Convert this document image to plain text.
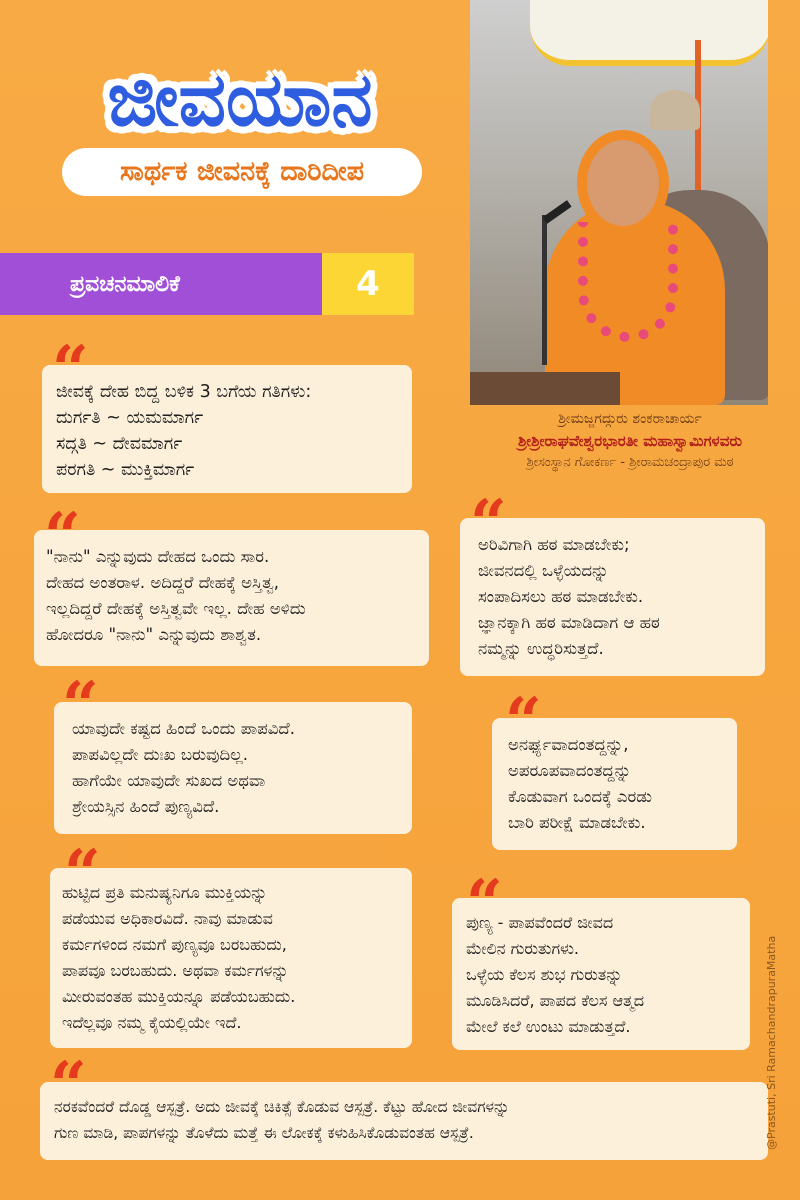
ಜೀವಯಾನ
ಸಾರ್ಥಕ ಜೀವನಕ್ಕೆ ದಾರಿದೀಪ
ಪ್ರವಚನಮಾಲಿಕೆ	4
ಶ್ರೀಮಜ್ಜಗದ್ಗುರು ಶಂಕರಾಚಾರ್ಯ
ಶ್ರೀಶ್ರೀರಾಘವೇಶ್ವರಭಾರತೀ ಮಹಾಸ್ವಾಮಿಗಳವರು
ಶ್ರೀಸಂಸ್ಥಾನ ಗೋಕರ್ಣ - ಶ್ರೀರಾಮಚಂದ್ರಾಪುರ ಮಠ
ಜೀವಕ್ಕೆ ದೇಹ ಬಿದ್ದ ಬಳಿಕ 3 ಬಗೆಯ ಗತಿಗಳು:
ದುರ್ಗತಿ ~ ಯಮಮಾರ್ಗ
ಸದ್ಗತಿ ~ ದೇವಮಾರ್ಗ
ಪರಗತಿ ~ ಮುಕ್ತಿಮಾರ್ಗ
"ನಾನು" ಎನ್ನುವುದು ದೇಹದ ಒಂದು ಸಾರ.
ದೇಹದ ಅಂತರಾಳ. ಅದಿದ್ದರೆ ದೇಹಕ್ಕೆ ಅಸ್ತಿತ್ವ,
ಇಲ್ಲದಿದ್ದರೆ ದೇಹಕ್ಕೆ ಅಸ್ತಿತ್ವವೇ ಇಲ್ಲ. ದೇಹ ಅಳಿದು
ಹೋದರೂ "ನಾನು" ಎನ್ನುವುದು ಶಾಶ್ವತ.
ಅರಿವಿಗಾಗಿ ಹಠ ಮಾಡಬೇಕು;
ಜೀವನದಲ್ಲಿ ಒಳ್ಳೆಯದನ್ನು
ಸಂಪಾದಿಸಲು ಹಠ ಮಾಡಬೇಕು.
ಜ್ಞಾನಕ್ಕಾಗಿ ಹಠ ಮಾಡಿದಾಗ ಆ ಹಠ
ನಮ್ಮನ್ನು ಉದ್ಧರಿಸುತ್ತದೆ.
ಯಾವುದೇ ಕಷ್ಟದ ಹಿಂದೆ ಒಂದು ಪಾಪವಿದೆ.
ಪಾಪವಿಲ್ಲದೇ ದುಃಖ ಬರುವುದಿಲ್ಲ.
ಹಾಗೆಯೇ ಯಾವುದೇ ಸುಖದ ಅಥವಾ
ಶ್ರೇಯಸ್ಸಿನ ಹಿಂದೆ ಪುಣ್ಯವಿದೆ.
ಅನರ್ಘ್ಯವಾದಂತದ್ದನ್ನು,
ಅಪರೂಪವಾದಂತದ್ದನ್ನು
ಕೊಡುವಾಗ ಒಂದಕ್ಕೆ ಎರಡು
ಬಾರಿ ಪರೀಕ್ಷೆ ಮಾಡಬೇಕು.
ಹುಟ್ಟಿದ ಪ್ರತಿ ಮನುಷ್ಯನಿಗೂ ಮುಕ್ತಿಯನ್ನು
ಪಡೆಯುವ ಅಧಿಕಾರವಿದೆ. ನಾವು ಮಾಡುವ
ಕರ್ಮಗಳಿಂದ ನಮಗೆ ಪುಣ್ಯವೂ ಬರಬಹುದು,
ಪಾಪವೂ ಬರಬಹುದು. ಅಥವಾ ಕರ್ಮಗಳನ್ನು
ಮೀರುವಂತಹ ಮುಕ್ತಿಯನ್ನೂ ಪಡೆಯಬಹುದು.
ಇದೆಲ್ಲವೂ ನಮ್ಮ ಕೈಯಲ್ಲಿಯೇ ಇದೆ.
ಪುಣ್ಯ - ಪಾಪವೆಂದರೆ ಜೀವದ
ಮೇಲಿನ ಗುರುತುಗಳು.
ಒಳ್ಳೆಯ ಕೆಲಸ ಶುಭ ಗುರುತನ್ನು
ಮೂಡಿಸಿದರೆ, ಪಾಪದ ಕೆಲಸ ಆತ್ಮದ
ಮೇಲೆ ಕಲೆ ಉಂಟು ಮಾಡುತ್ತದೆ.
ನರಕವೆಂದರೆ ದೊಡ್ಡ ಆಸ್ಪತ್ರೆ. ಅದು ಜೀವಕ್ಕೆ ಚಿಕಿತ್ಸೆ ಕೊಡುವ ಆಸ್ಪತ್ರೆ. ಕೆಟ್ಟು ಹೋದ ಜೀವಗಳನ್ನು
ಗುಣ ಮಾಡಿ, ಪಾಪಗಳನ್ನು ತೊಳೆದು ಮತ್ತೆ ಈ ಲೋಕಕ್ಕೆ ಕಳುಹಿಸಿಕೊಡುವಂತಹ ಆಸ್ಪತ್ರೆ.	@Prastuti, Sri RamachandrapuraMatha
